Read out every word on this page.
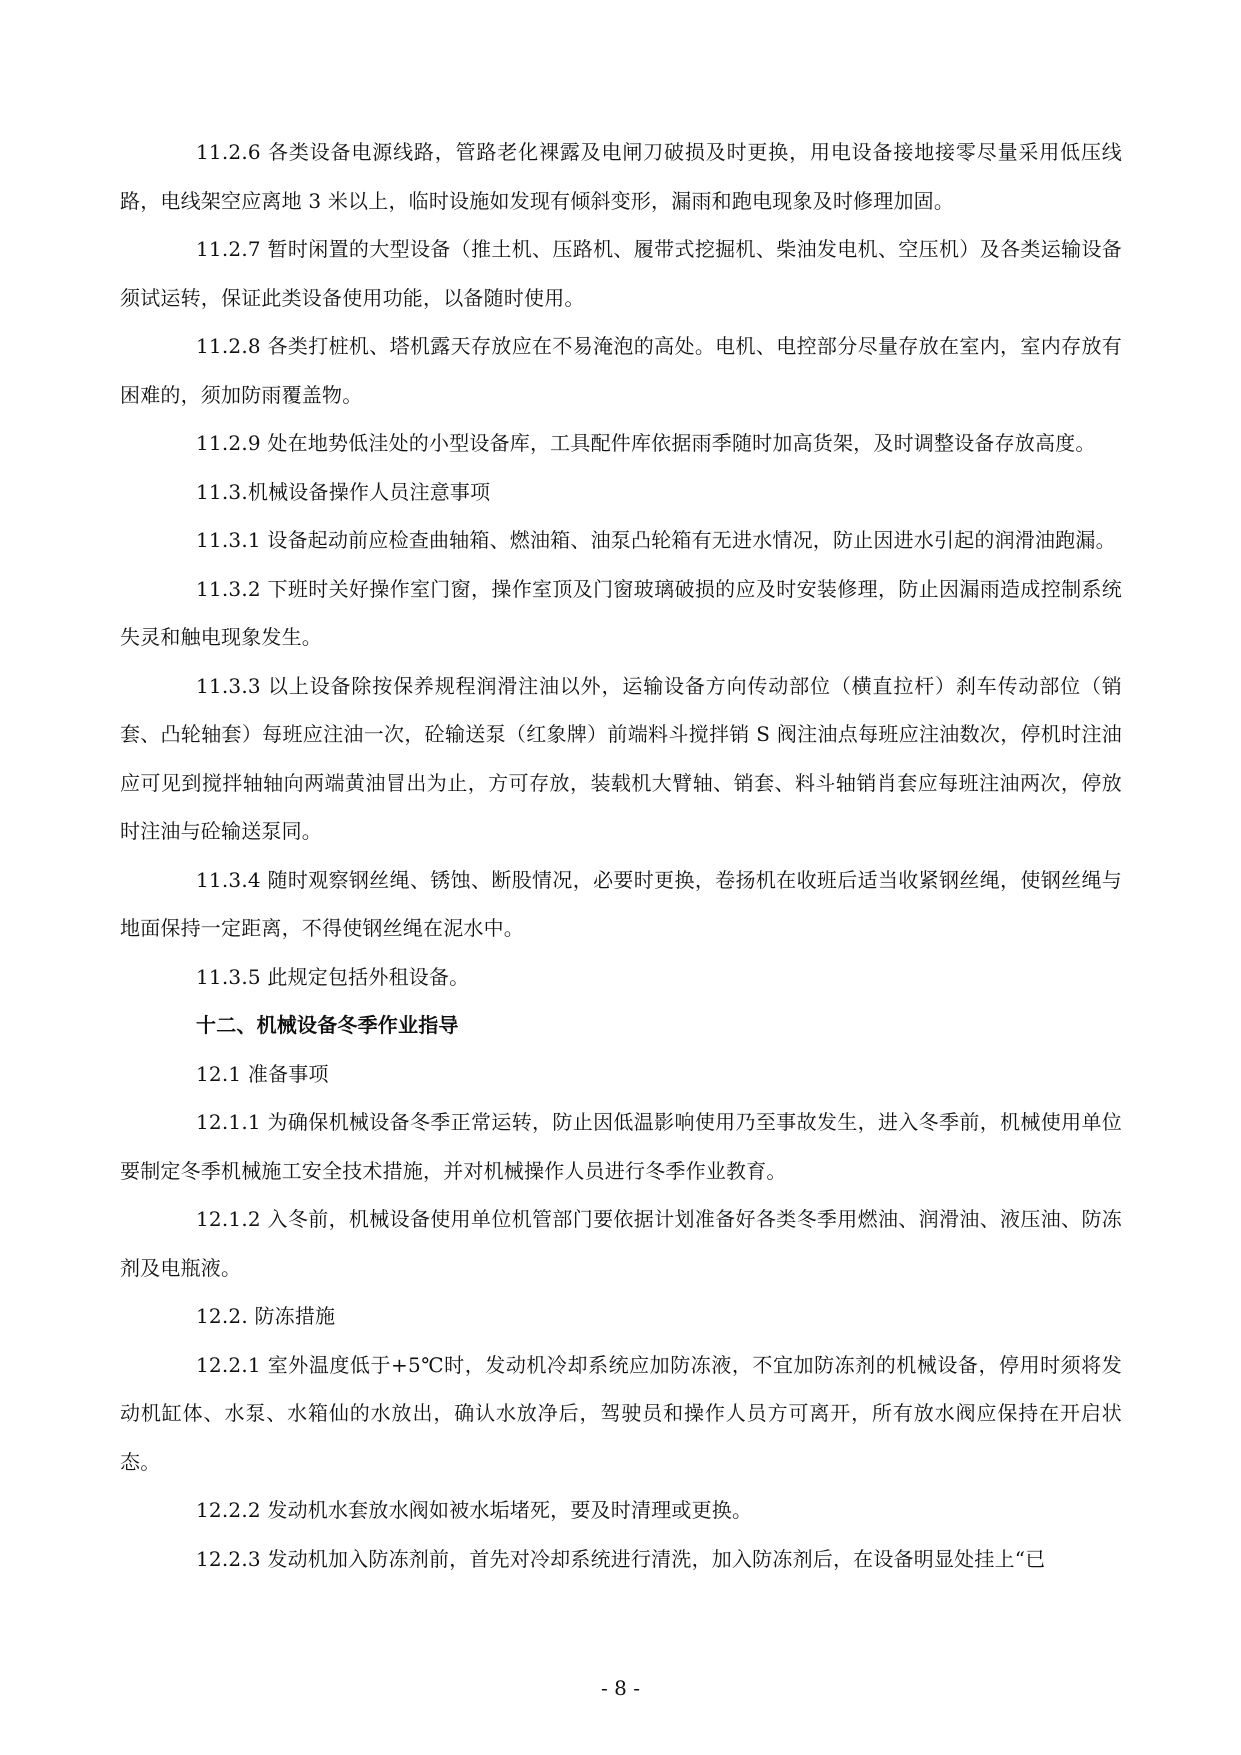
11.2.6 各类设备电源线路，管路老化裸露及电闸刀破损及时更换，用电设备接地接零尽量采用低压线路，电线架空应离地 3 米以上，临时设施如发现有倾斜变形，漏雨和跑电现象及时修理加固。

11.2.7 暂时闲置的大型设备（推土机、压路机、履带式挖掘机、柴油发电机、空压机）及各类运输设备须试运转，保证此类设备使用功能，以备随时使用。

11.2.8 各类打桩机、塔机露天存放应在不易淹泡的高处。电机、电控部分尽量存放在室内，室内存放有困难的，须加防雨覆盖物。

11.2.9 处在地势低洼处的小型设备库，工具配件库依据雨季随时加高货架，及时调整设备存放高度。

11.3.机械设备操作人员注意事项

11.3.1 设备起动前应检查曲轴箱、燃油箱、油泵凸轮箱有无进水情况，防止因进水引起的润滑油跑漏。

11.3.2 下班时关好操作室门窗，操作室顶及门窗玻璃破损的应及时安装修理，防止因漏雨造成控制系统失灵和触电现象发生。

11.3.3 以上设备除按保养规程润滑注油以外，运输设备方向传动部位（横直拉杆）刹车传动部位（销套、凸轮轴套）每班应注油一次，砼输送泵（红象牌）前端料斗搅拌销 S 阀注油点每班应注油数次，停机时注油应可见到搅拌轴轴向两端黄油冒出为止，方可存放，装载机大臂轴、销套、料斗轴销肖套应每班注油两次，停放时注油与砼输送泵同。

11.3.4 随时观察钢丝绳、锈蚀、断股情况，必要时更换，卷扬机在收班后适当收紧钢丝绳，使钢丝绳与地面保持一定距离，不得使钢丝绳在泥水中。

11.3.5 此规定包括外租设备。

十二、机械设备冬季作业指导

12.1 准备事项

12.1.1 为确保机械设备冬季正常运转，防止因低温影响使用乃至事故发生，进入冬季前，机械使用单位要制定冬季机械施工安全技术措施，并对机械操作人员进行冬季作业教育。

12.1.2 入冬前，机械设备使用单位机管部门要依据计划准备好各类冬季用燃油、润滑油、液压油、防冻剂及电瓶液。

12.2. 防冻措施

12.2.1 室外温度低于+5℃时，发动机冷却系统应加防冻液，不宜加防冻剂的机械设备，停用时须将发动机缸体、水泵、水箱仙的水放出，确认水放净后，驾驶员和操作人员方可离开，所有放水阀应保持在开启状态。

12.2.2 发动机水套放水阀如被水垢堵死，要及时清理或更换。

12.2.3 发动机加入防冻剂前，首先对冷却系统进行清洗，加入防冻剂后，在设备明显处挂上“已

- 8 -
